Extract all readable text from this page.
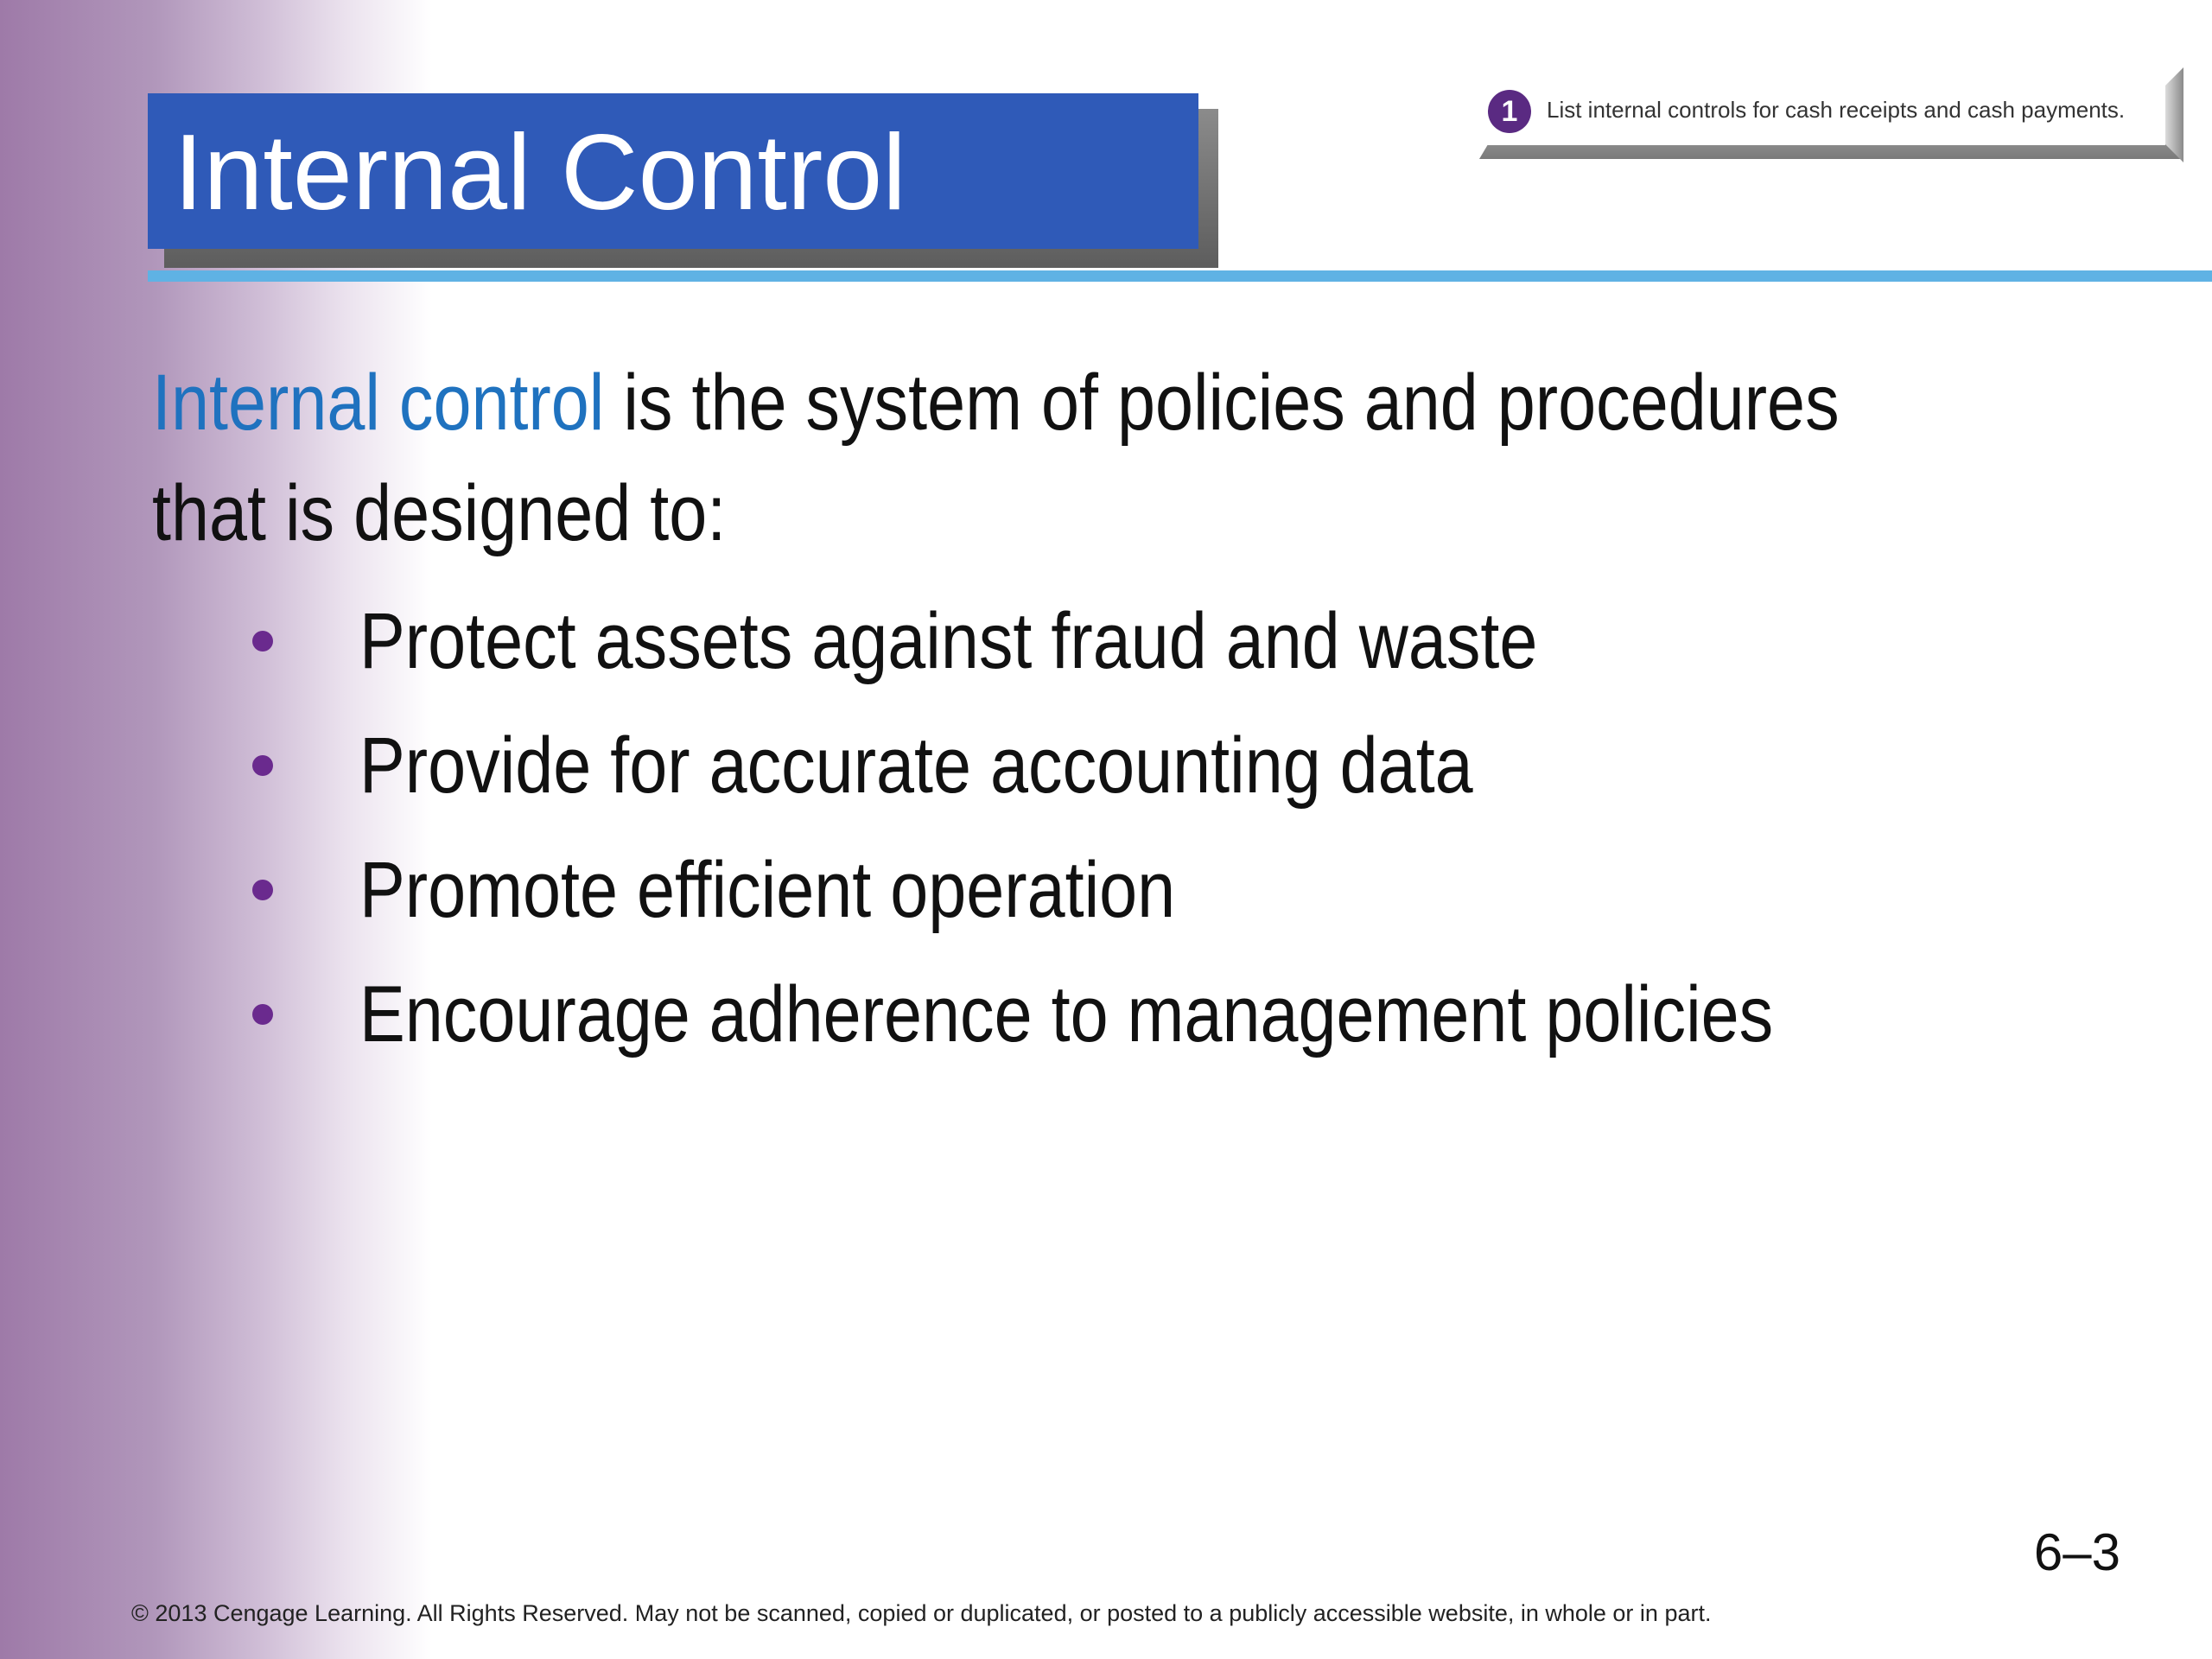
1	List internal controls for cash receipts and cash payments.
Internal Control
Internal control is the system of policies and procedures
that is designed to:
Protect assets against fraud and waste
Provide for accurate accounting data
Promote efficient operation
Encourage adherence to management policies
6–3
© 2013 Cengage Learning. All Rights Reserved. May not be scanned, copied or duplicated, or posted to a publicly accessible website, in whole or in part.
